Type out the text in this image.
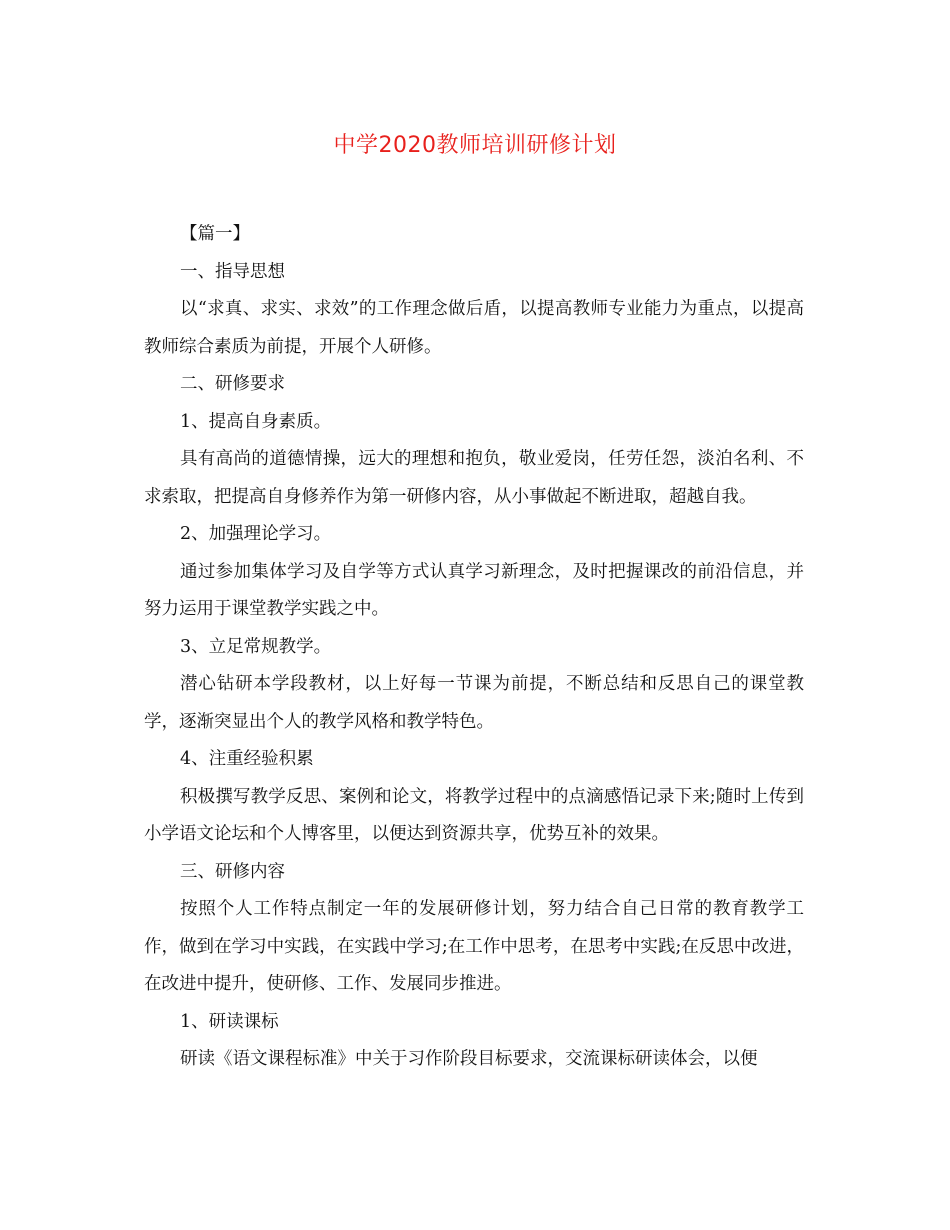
中学2020教师培训研修计划

【篇一】

一、指导思想

以“求真、求实、求效”的工作理念做后盾，以提高教师专业能力为重点，以提高教师综合素质为前提，开展个人研修。

二、研修要求

1、提高自身素质。

具有高尚的道德情操，远大的理想和抱负，敬业爱岗，任劳任怨，淡泊名利、不求索取，把提高自身修养作为第一研修内容，从小事做起不断进取，超越自我。

2、加强理论学习。

通过参加集体学习及自学等方式认真学习新理念，及时把握课改的前沿信息，并努力运用于课堂教学实践之中。

3、立足常规教学。

潜心钻研本学段教材，以上好每一节课为前提，不断总结和反思自己的课堂教学，逐渐突显出个人的教学风格和教学特色。

4、注重经验积累

积极撰写教学反思、案例和论文，将教学过程中的点滴感悟记录下来;随时上传到小学语文论坛和个人博客里，以便达到资源共享，优势互补的效果。

三、研修内容

按照个人工作特点制定一年的发展研修计划，努力结合自己日常的教育教学工作，做到在学习中实践，在实践中学习;在工作中思考，在思考中实践;在反思中改进，在改进中提升，使研修、工作、发展同步推进。

1、研读课标

研读《语文课程标准》中关于习作阶段目标要求，交流课标研读体会，以便
